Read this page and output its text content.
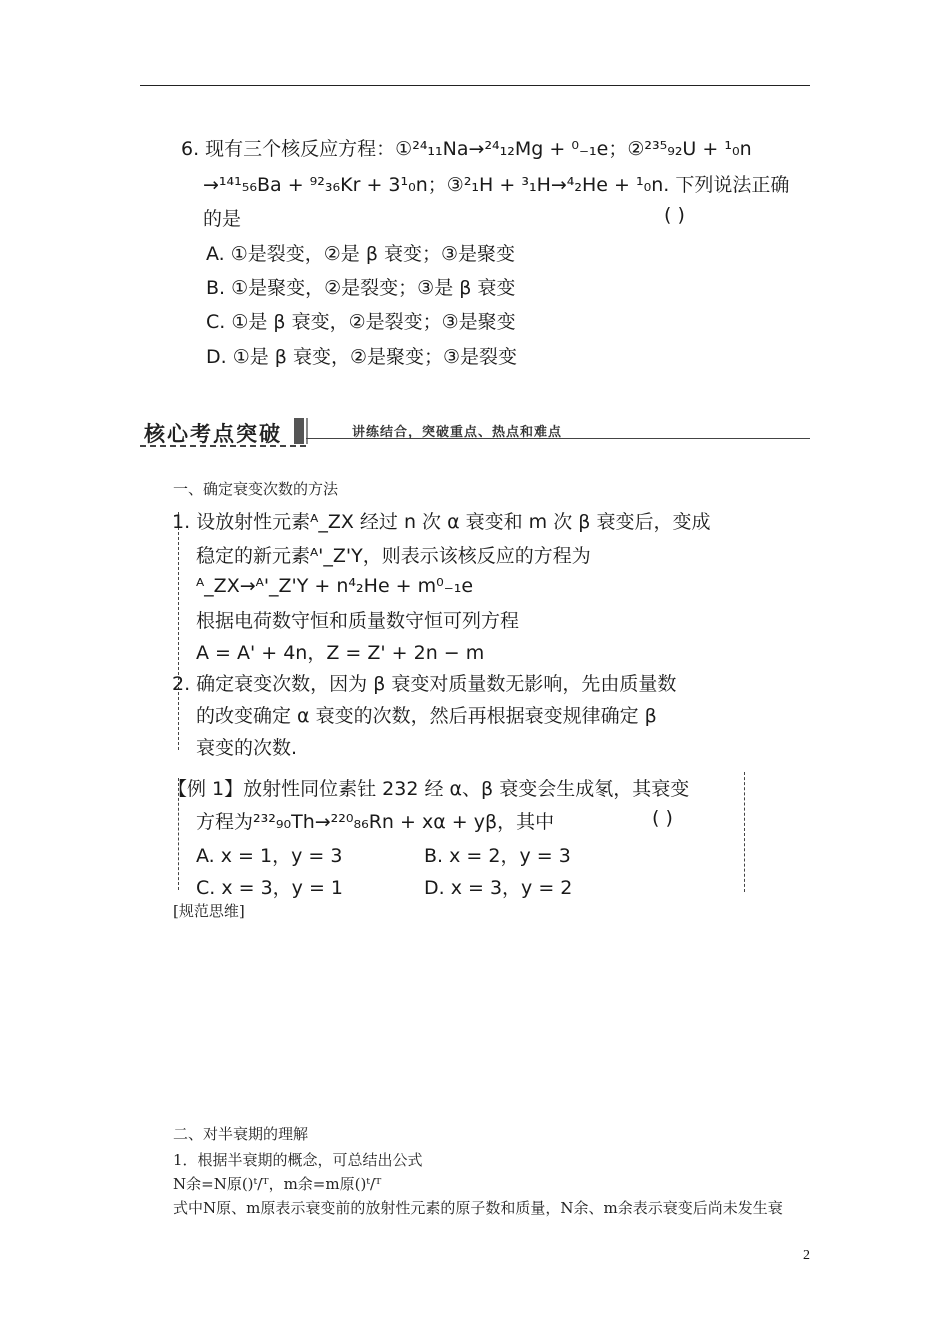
6. 现有三个核反应方程：①²⁴₁₁Na→²⁴₁₂Mg + ⁰₋₁e；②²³⁵₉₂U + ¹₀n
→¹⁴¹₅₆Ba + ⁹²₃₆Kr + 3¹₀n；③²₁H + ³₁H→⁴₂He + ¹₀n. 下列说法正确
的是	( )
A. ①是裂变，②是 β 衰变；③是聚变
B. ①是聚变，②是裂变；③是 β 衰变
C. ①是 β 衰变，②是裂变；③是聚变
D. ①是 β 衰变，②是聚变；③是裂变
核心考点突破	讲练结合，突破重点、热点和难点
一、确定衰变次数的方法
1. 设放射性元素ᴬ_ZX 经过 n 次 α 衰变和 m 次 β 衰变后，变成
稳定的新元素ᴬ'_Z'Y，则表示该核反应的方程为
ᴬ_ZX→ᴬ'_Z'Y + n⁴₂He + m⁰₋₁e
根据电荷数守恒和质量数守恒可列方程
A = A' + 4n，Z = Z' + 2n − m
2. 确定衰变次数，因为 β 衰变对质量数无影响，先由质量数
的改变确定 α 衰变的次数，然后再根据衰变规律确定 β
衰变的次数.
【例 1】放射性同位素钍 232 经 α、β 衰变会生成氡，其衰变
方程为²³²₉₀Th→²²⁰₈₆Rn + xα + yβ，其中	( )
A. x = 1，y = 3	B. x = 2，y = 3
C. x = 3，y = 1	D. x = 3，y = 2
[规范思维]
二、对半衰期的理解
1．根据半衰期的概念，可总结出公式
N余=N原()ᵗ/ᵀ，m余=m原()ᵗ/ᵀ
式中N原、m原表示衰变前的放射性元素的原子数和质量，N余、m余表示衰变后尚未发生衰
2
